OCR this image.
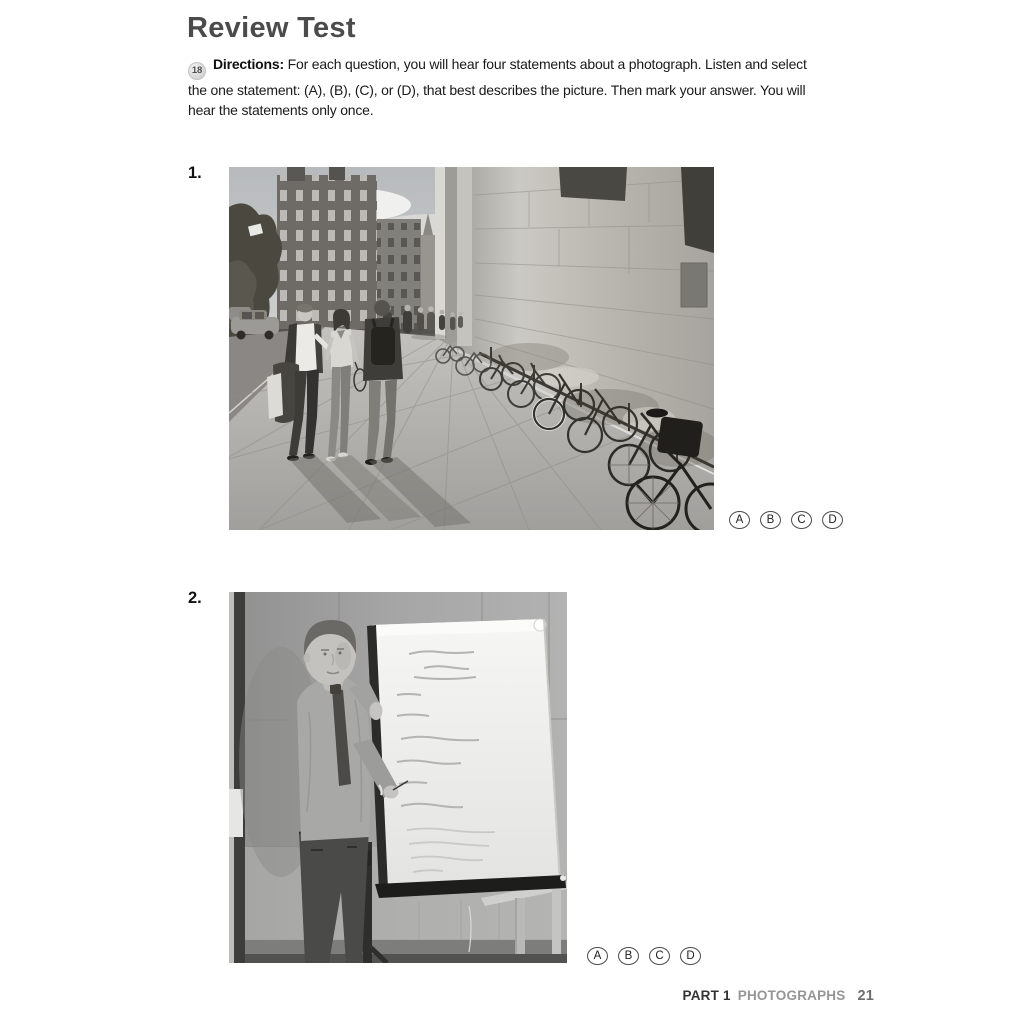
Review Test
18 Directions: For each question, you will hear four statements about a photograph. Listen and select
the one statement: (A), (B), (C), or (D), that best describes the picture. Then mark your answer. You will
hear the statements only once.
1.
A	B	C	D
2.
A	B	C	D
PART 1 PHOTOGRAPHS 21
